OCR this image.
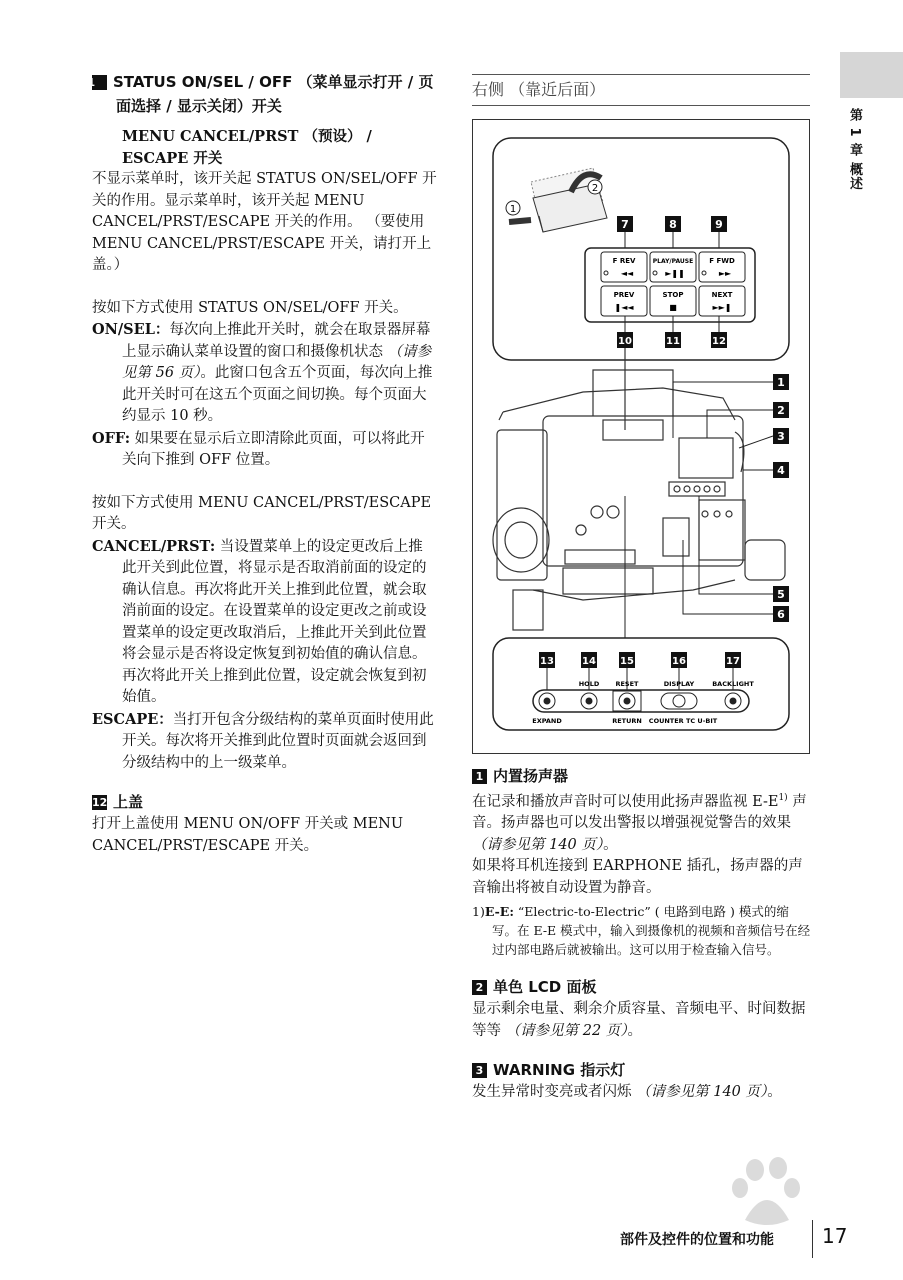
第 1 章 概述
11 STATUS ON/SEL / OFF （菜单显示打开 / 页面选择 / 显示关闭）开关
MENU CANCEL/PRST （预设） / ESCAPE 开关
不显示菜单时，该开关起 STATUS ON/SEL/OFF 开关的作用。显示菜单时，该开关起 MENU CANCEL/PRST/ESCAPE 开关的作用。 （要使用 MENU CANCEL/PRST/ESCAPE 开关，请打开上盖。）
按如下方式使用 STATUS ON/SEL/OFF 开关。
ON/SEL：每次向上推此开关时，就会在取景器屏幕上显示确认菜单设置的窗口和摄像机状态 （请参见第 56 页）。此窗口包含五个页面，每次向上推此开关时可在这五个页面之间切换。每个页面大约显示 10 秒。
OFF: 如果要在显示后立即清除此页面，可以将此开关向下推到 OFF 位置。
按如下方式使用 MENU CANCEL/PRST/ESCAPE 开关。
CANCEL/PRST: 当设置菜单上的设定更改后上推此开关到此位置，将显示是否取消前面的设定的确认信息。再次将此开关上推到此位置，就会取消前面的设定。在设置菜单的设定更改之前或设置菜单的设定更改取消后，上推此开关到此位置将会显示是否将设定恢复到初始值的确认信息。
再次将此开关上推到此位置，设定就会恢复到初始值。
ESCAPE：当打开包含分级结构的菜单页面时使用此开关。每次将开关推到此位置时页面就会返回到分级结构中的上一级菜单。
12 上盖
打开上盖使用 MENU ON/OFF 开关或 MENU CANCEL/PRST/ESCAPE 开关。
右侧 （靠近后面）
1
2
7	8	9
F REV
◄◄
PLAY/PAUSE
►❚❚
F FWD
►►
PREV
❚◄◄
STOP
■
NEXT
►►❚
10	11	12
1
2
3
4
5
6
13	14 15	16	17
HOLD RESET	DISPLAY	BACKLIGHT
EXPAND	RETURN COUNTER TC U-BIT
1 内置扬声器
在记录和播放声音时可以使用此扬声器监视 $E-E^{1)}$ 声音。扬声器也可以发出警报以增强视觉警告的效果 （请参见第 140 页）。
如果将耳机连接到 EARPHONE 插孔，扬声器的声音输出将被自动设置为静音。
1)E-E: “Electric-to-Electric” ( 电路到电路 ) 模式的缩写。在 E-E 模式中，输入到摄像机的视频和音频信号在经过内部电路后就被输出。这可以用于检查输入信号。
2 单色 LCD 面板
显示剩余电量、剩余介质容量、音频电平、时间数据等等 （请参见第 22 页）。
3 WARNING 指示灯
发生异常时变亮或者闪烁 （请参见第 140 页）。
部件及控件的位置和功能 17
